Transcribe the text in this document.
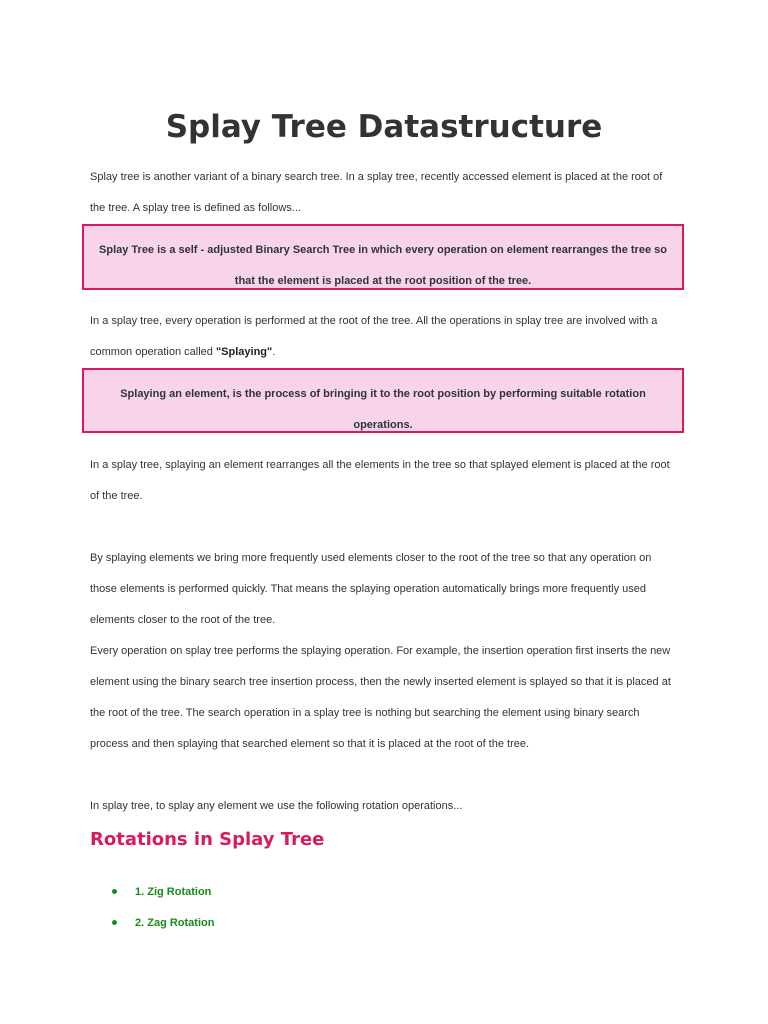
Splay Tree Datastructure

Splay tree is another variant of a binary search tree. In a splay tree, recently accessed element is placed at the root of the tree. A splay tree is defined as follows...

Splay Tree is a self - adjusted Binary Search Tree in which every operation on element rearranges the tree so that the element is placed at the root position of the tree.

In a splay tree, every operation is performed at the root of the tree. All the operations in splay tree are involved with a common operation called "Splaying".

Splaying an element, is the process of bringing it to the root position by performing suitable rotation operations.

In a splay tree, splaying an element rearranges all the elements in the tree so that splayed element is placed at the root of the tree.

By splaying elements we bring more frequently used elements closer to the root of the tree so that any operation on those elements is performed quickly. That means the splaying operation automatically brings more frequently used elements closer to the root of the tree.

Every operation on splay tree performs the splaying operation. For example, the insertion operation first inserts the new element using the binary search tree insertion process, then the newly inserted element is splayed so that it is placed at the root of the tree. The search operation in a splay tree is nothing but searching the element using binary search process and then splaying that searched element so that it is placed at the root of the tree.

In splay tree, to splay any element we use the following rotation operations...

Rotations in Splay Tree
1. Zig Rotation
2. Zag Rotation
